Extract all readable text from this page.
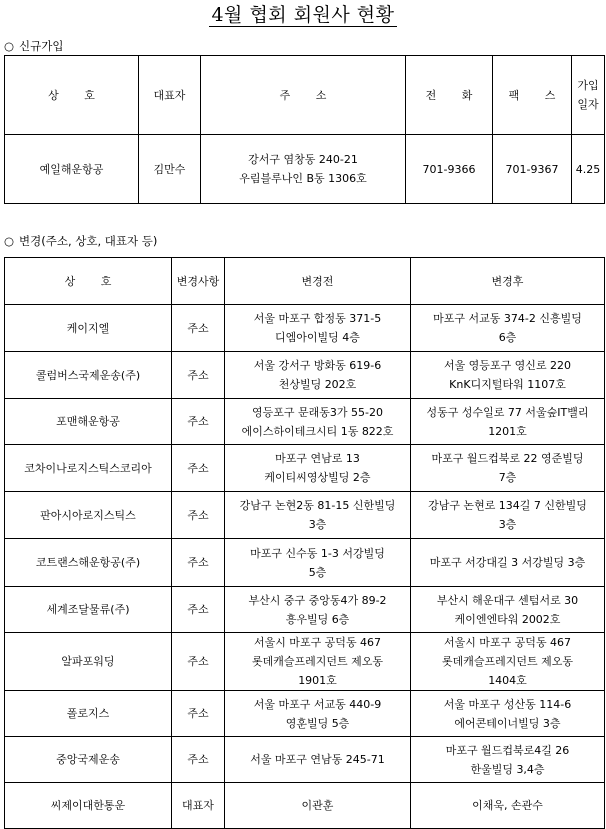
4월 협회 회원사 현황
○ 신규가입
상 호	대표자	주 소	전 화	팩 스	가입
일자

예일해운항공	김만수	강서구 염창동 240-21
우림블루나인 B동 1306호	701-9366	701-9367	4.25
○ 변경(주소, 상호, 대표자 등)
상 호	변경사항	변경전	변경후
케이지엘	주소	서울 마포구 합정동 371-5
디엠아이빌딩 4층	마포구 서교동 374-2 신흥빌딩
6층

콜럼버스국제운송(주)	주소	서울 강서구 방화동 619-6
천상빌딩 202호	서울 영등포구 영신로 220
KnK디지털타워 1107호

포맨해운항공	주소	영등포구 문래동3가 55-20
에이스하이테크시티 1동 822호	성동구 성수일로 77 서울숲IT밸리
1201호

코차이나로지스틱스코리아	주소	마포구 연남로 13
케이티씨영상빌딩 2층	마포구 월드컵북로 22 영준빌딩
7층

판아시아로지스틱스	주소	강남구 논현2동 81-15 신한빌딩
3층	강남구 논현로 134길 7 신한빌딩
3층

코트랜스해운항공(주)	주소	마포구 신수동 1-3 서강빌딩
5층	마포구 서강대길 3 서강빌딩 3층

세계조달물류(주)	주소	부산시 중구 중앙동4가 89-2
흥우빌딩 6층	부산시 해운대구 센텀서로 30
케이엔엔타워 2002호

알파포워딩	주소	서울시 마포구 공덕동 467
롯데캐슬프레지던트 제오동
1901호	서울시 마포구 공덕동 467
롯데캐슬프레지던트 제오동
1404호

폴로지스	주소	서울 마포구 서교동 440-9
영훈빌딩 5층	서울 마포구 성산동 114-6
에어콘테이너빌딩 3층

중앙국제운송	주소	서울 마포구 연남동 245-71	마포구 월드컵북로4길 26
한울빌딩 3,4층

씨제이대한통운	대표자	이관훈	이채욱, 손관수
